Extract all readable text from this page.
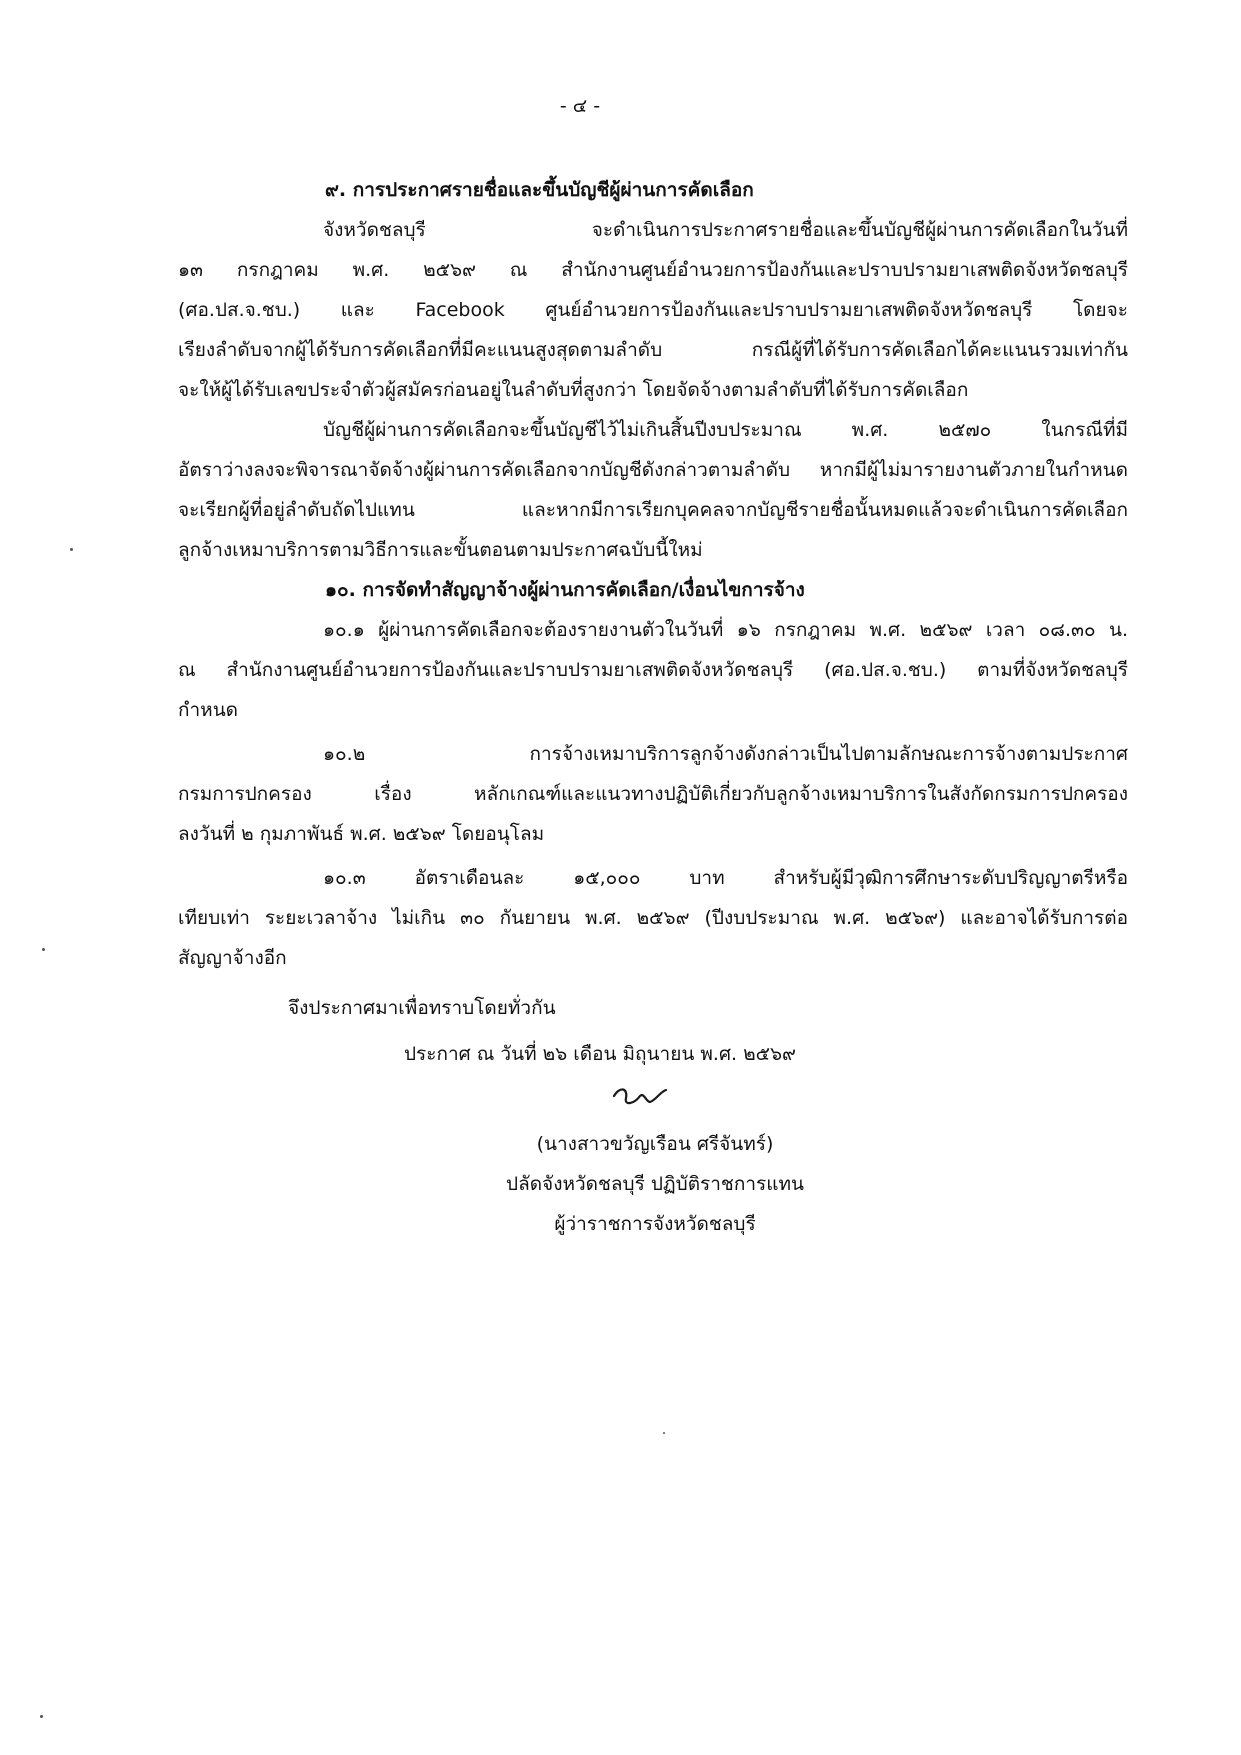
- ๔ -
๙. การประกาศรายชื่อและขึ้นบัญชีผู้ผ่านการคัดเลือก
จังหวัดชลบุรี จะดำเนินการประกาศรายชื่อและขึ้นบัญชีผู้ผ่านการคัดเลือกในวันที่
๑๓ กรกฎาคม พ.ศ. ๒๕๖๙ ณ สำนักงานศูนย์อำนวยการป้องกันและปราบปรามยาเสพติดจังหวัดชลบุรี
(ศอ.ปส.จ.ชบ.) และ Facebook ศูนย์อำนวยการป้องกันและปราบปรามยาเสพติดจังหวัดชลบุรี โดยจะ
เรียงลำดับจากผู้ได้รับการคัดเลือกที่มีคะแนนสูงสุดตามลำดับ กรณีผู้ที่ได้รับการคัดเลือกได้คะแนนรวมเท่ากัน
จะให้ผู้ได้รับเลขประจำตัวผู้สมัครก่อนอยู่ในลำดับที่สูงกว่า โดยจัดจ้างตามลำดับที่ได้รับการคัดเลือก
บัญชีผู้ผ่านการคัดเลือกจะขึ้นบัญชีไว้ไม่เกินสิ้นปีงบประมาณ พ.ศ. ๒๕๗๐ ในกรณีที่มี
อัตราว่างลงจะพิจารณาจัดจ้างผู้ผ่านการคัดเลือกจากบัญชีดังกล่าวตามลำดับ หากมีผู้ไม่มารายงานตัวภายในกำหนด
จะเรียกผู้ที่อยู่ลำดับถัดไปแทน และหากมีการเรียกบุคคลจากบัญชีรายชื่อนั้นหมดแล้วจะดำเนินการคัดเลือก
ลูกจ้างเหมาบริการตามวิธีการและขั้นตอนตามประกาศฉบับนี้ใหม่
๑๐. การจัดทำสัญญาจ้างผู้ผ่านการคัดเลือก/เงื่อนไขการจ้าง
๑๐.๑ ผู้ผ่านการคัดเลือกจะต้องรายงานตัวในวันที่ ๑๖ กรกฎาคม พ.ศ. ๒๕๖๙ เวลา ๐๘.๓๐ น.
ณ สำนักงานศูนย์อำนวยการป้องกันและปราบปรามยาเสพติดจังหวัดชลบุรี (ศอ.ปส.จ.ชบ.) ตามที่จังหวัดชลบุรี
กำหนด
๑๐.๒ การจ้างเหมาบริการลูกจ้างดังกล่าวเป็นไปตามลักษณะการจ้างตามประกาศ
กรมการปกครอง เรื่อง หลักเกณฑ์และแนวทางปฏิบัติเกี่ยวกับลูกจ้างเหมาบริการในสังกัดกรมการปกครอง
ลงวันที่ ๒ กุมภาพันธ์ พ.ศ. ๒๕๖๙ โดยอนุโลม
๑๐.๓ อัตราเดือนละ ๑๕,๐๐๐ บาท สำหรับผู้มีวุฒิการศึกษาระดับปริญญาตรีหรือ
เทียบเท่า ระยะเวลาจ้าง ไม่เกิน ๓๐ กันยายน พ.ศ. ๒๕๖๙ (ปีงบประมาณ พ.ศ. ๒๕๖๙) และอาจได้รับการต่อ
สัญญาจ้างอีก
จึงประกาศมาเพื่อทราบโดยทั่วกัน
ประกาศ ณ วันที่ ๒๖ เดือน มิถุนายน พ.ศ. ๒๕๖๙
(นางสาวขวัญเรือน ศรีจันทร์)
ปลัดจังหวัดชลบุรี ปฏิบัติราชการแทน
ผู้ว่าราชการจังหวัดชลบุรี
